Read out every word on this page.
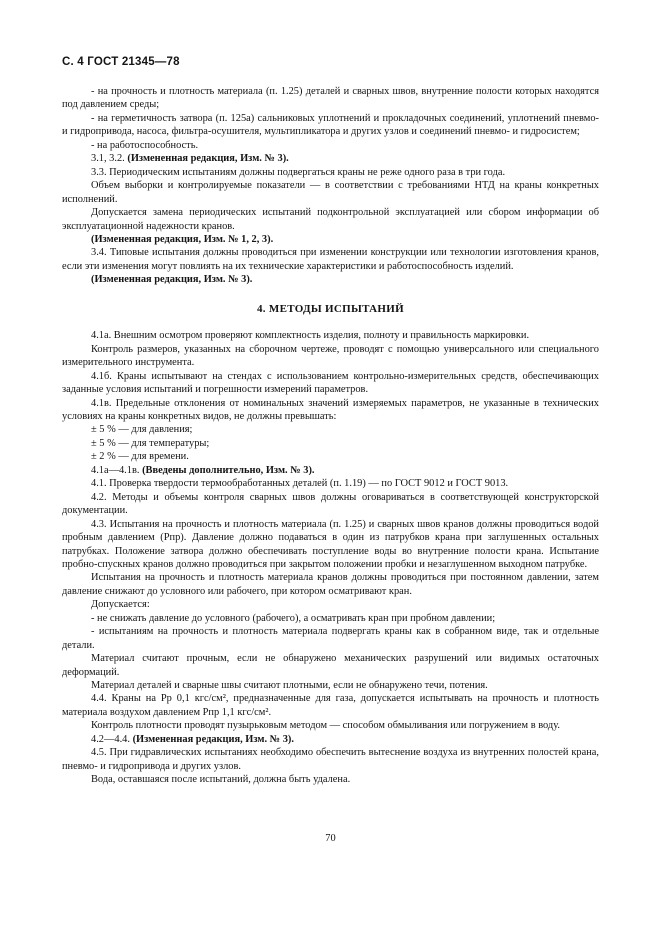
С. 4 ГОСТ 21345—78

- на прочность и плотность материала (п. 1.25) деталей и сварных швов, внутренние полости которых находятся под давлением среды;

- на герметичность затвора (п. 125а) сальниковых уплотнений и прокладочных соединений, уплотнений пневмо- и гидропривода, насоса, фильтра-осушителя, мультипликатора и других узлов и соединений пневмо- и гидросистем;

- на работоспособность.

3.1, 3.2. (Измененная редакция, Изм. № 3).

3.3. Периодическим испытаниям должны подвергаться краны не реже одного раза в три года.

Объем выборки и контролируемые показатели — в соответствии с требованиями НТД на краны конкретных исполнений.

Допускается замена периодических испытаний подконтрольной эксплуатацией или сбором информации об эксплуатационной надежности кранов.

(Измененная редакция, Изм. № 1, 2, 3).

3.4. Типовые испытания должны проводиться при изменении конструкции или технологии изготовления кранов, если эти изменения могут повлиять на их технические характеристики и работоспособность изделий.

(Измененная редакция, Изм. № 3).

4. МЕТОДЫ ИСПЫТАНИЙ

4.1а. Внешним осмотром проверяют комплектность изделия, полноту и правильность маркировки.

Контроль размеров, указанных на сборочном чертеже, проводят с помощью универсального или специального измерительного инструмента.

4.1б. Краны испытывают на стендах с использованием контрольно-измерительных средств, обеспечивающих заданные условия испытаний и погрешности измерений параметров.

4.1в. Предельные отклонения от номинальных значений измеряемых параметров, не указанные в технических условиях на краны конкретных видов, не должны превышать:

± 5 % — для давления;

± 5 % — для температуры;

± 2 % — для времени.

4.1а—4.1в. (Введены дополнительно, Изм. № 3).

4.1. Проверка твердости термообработанных деталей (п. 1.19) — по ГОСТ 9012 и ГОСТ 9013.

4.2. Методы и объемы контроля сварных швов должны оговариваться в соответствующей конструкторской документации.

4.3. Испытания на прочность и плотность материала (п. 1.25) и сварных швов кранов должны проводиться водой пробным давлением (Pпр). Давление должно подаваться в один из патрубков крана при заглушенных остальных патрубках. Положение затвора должно обеспечивать поступление воды во внутренние полости крана. Испытание пробно-спускных кранов должно проводиться при закрытом положении пробки и незаглушенном выходном патрубке.

Испытания на прочность и плотность материала кранов должны проводиться при постоянном давлении, затем давление снижают до условного или рабочего, при котором осматривают кран.

Допускается:

- не снижать давление до условного (рабочего), а осматривать кран при пробном давлении;

- испытаниям на прочность и плотность материала подвергать краны как в собранном виде, так и отдельные детали.

Материал считают прочным, если не обнаружено механических разрушений или видимых остаточных деформаций.

Материал деталей и сварные швы считают плотными, если не обнаружено течи, потения.

4.4. Краны на Pр 0,1 кгс/см², предназначенные для газа, допускается испытывать на прочность и плотность материала воздухом давлением Pпр 1,1 кгс/см².

Контроль плотности проводят пузырьковым методом — способом обмыливания или погружением в воду.

4.2—4.4. (Измененная редакция, Изм. № 3).

4.5. При гидравлических испытаниях необходимо обеспечить вытеснение воздуха из внутренних полостей крана, пневмо- и гидропривода и других узлов.

Вода, оставшаяся после испытаний, должна быть удалена.

70
